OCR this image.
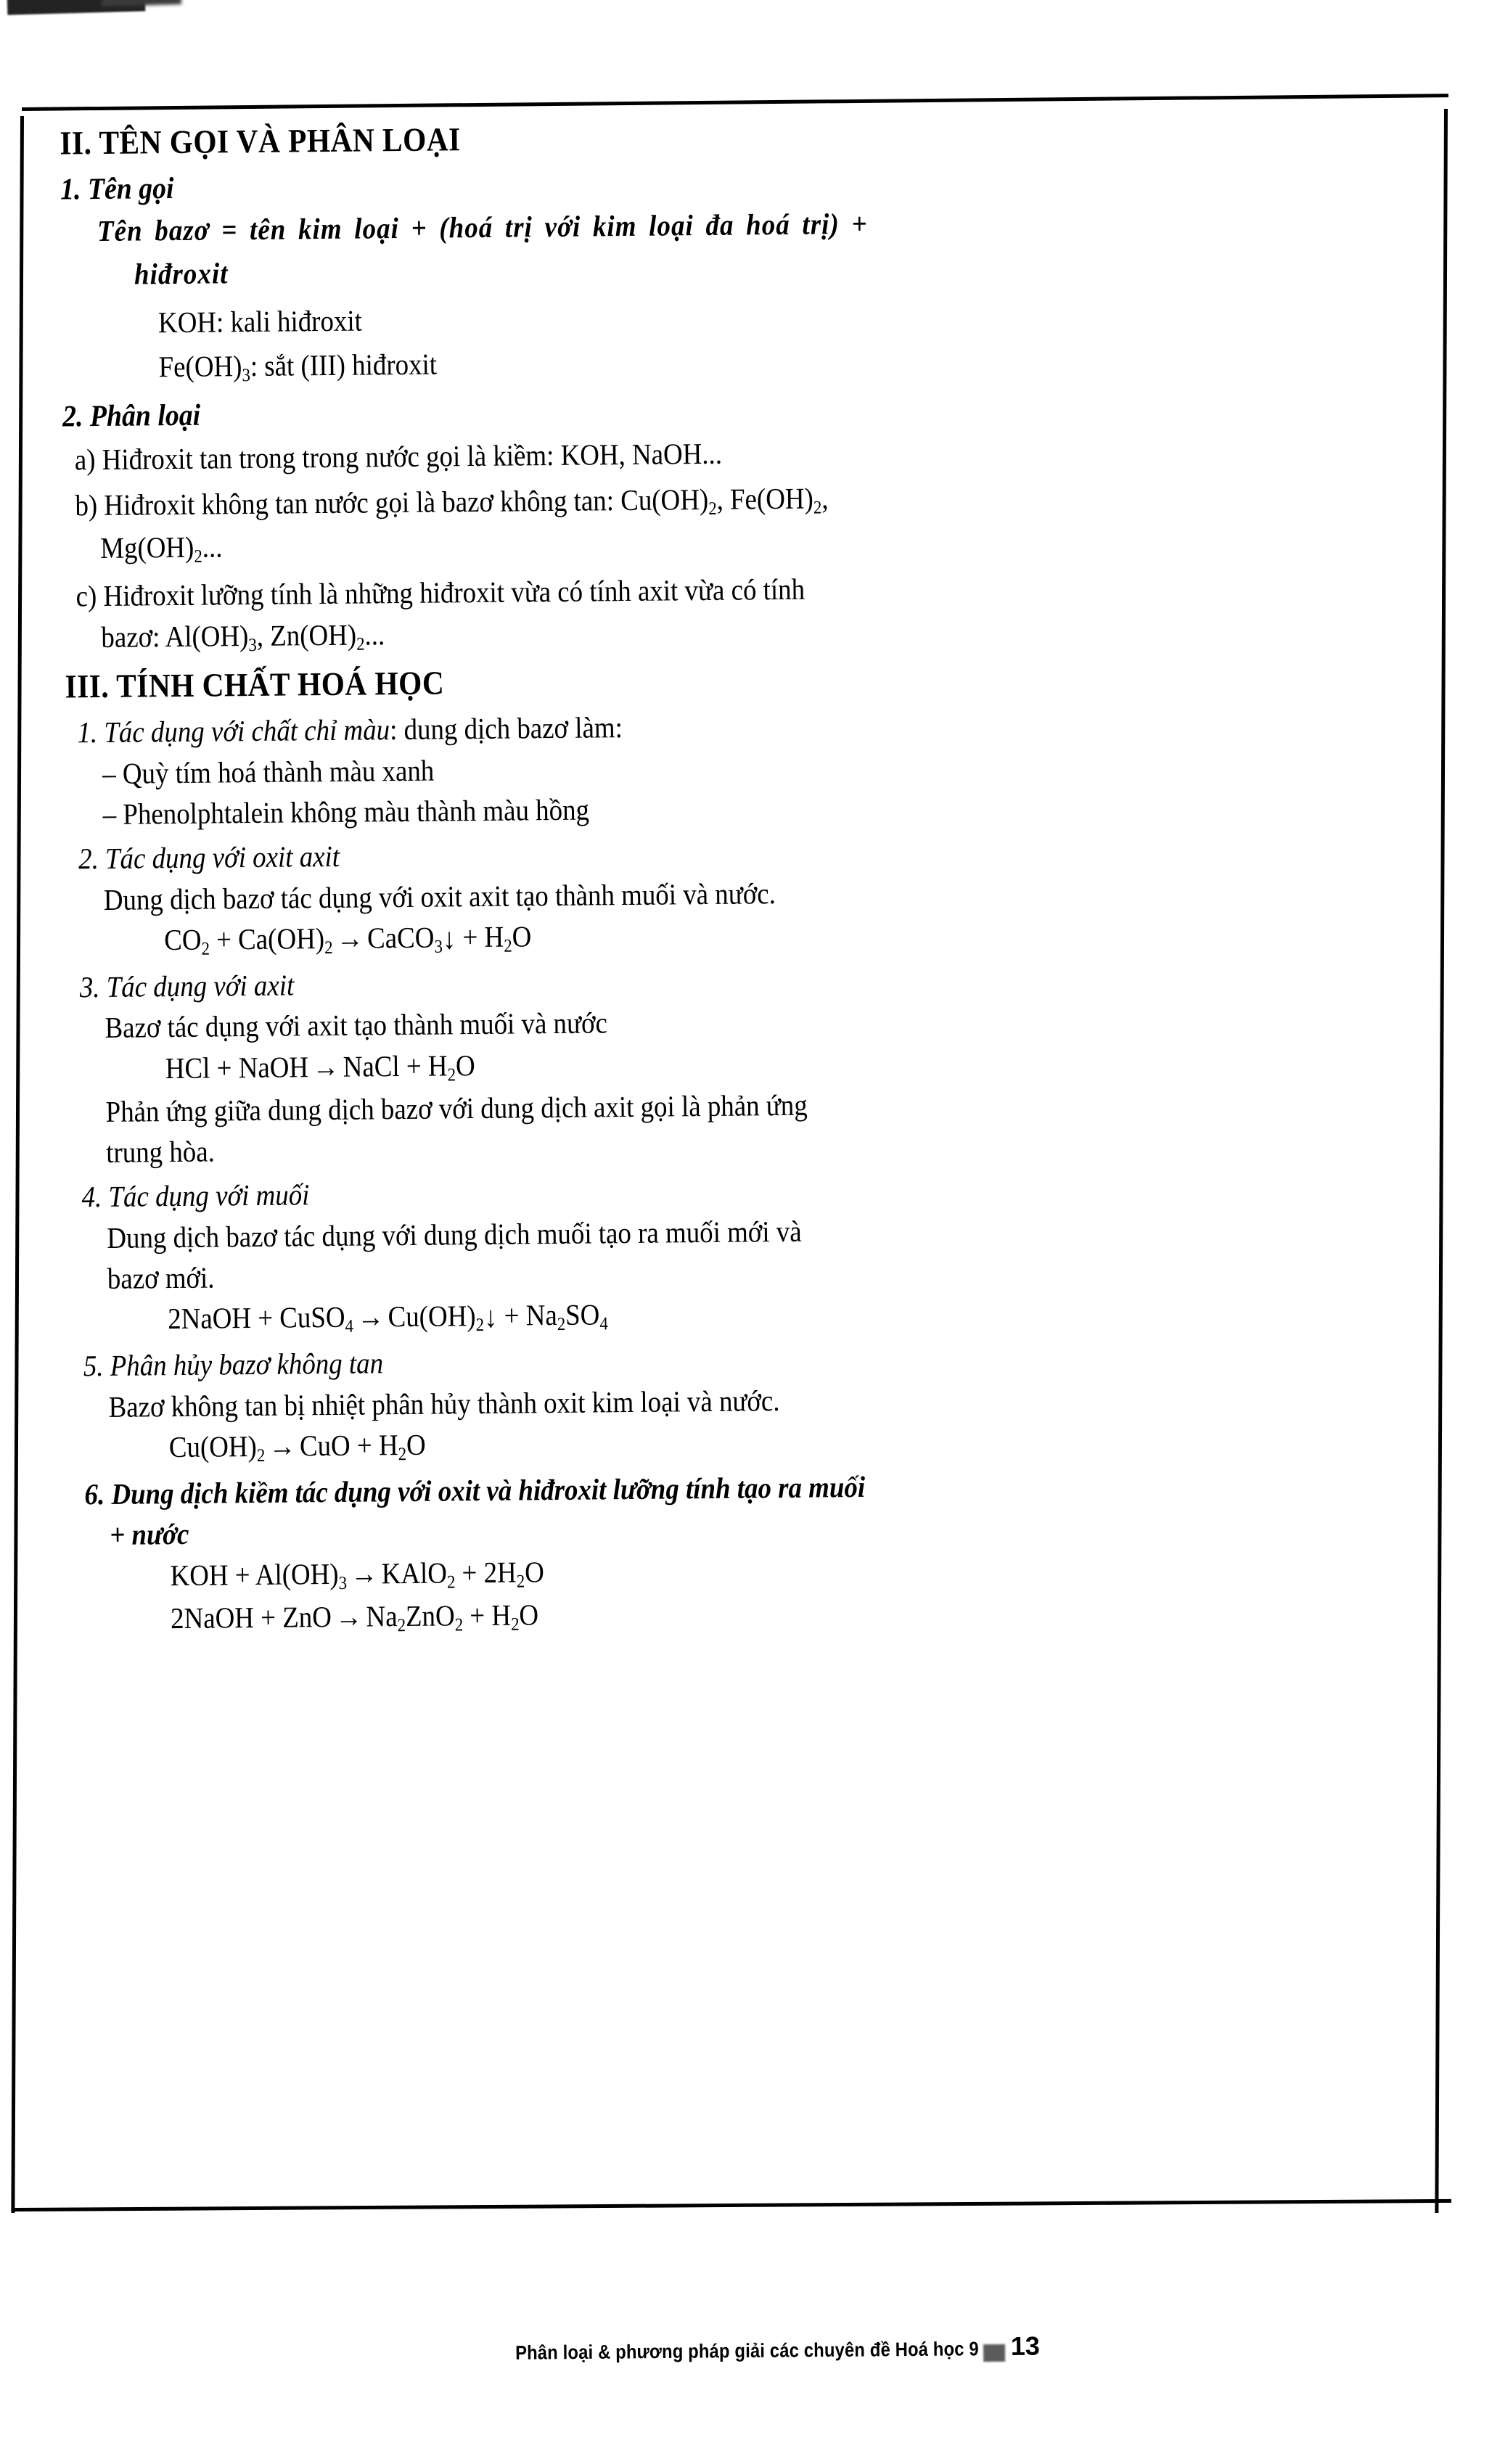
II. TÊN GỌI VÀ PHÂN LOẠI
1. Tên gọi
Tên bazơ = tên kim loại + (hoá trị với kim loại đa hoá trị) +
hiđroxit
KOH: kali hiđroxit
$Fe(OH)_3$: sắt (III) hiđroxit
2. Phân loại
a) Hiđroxit tan trong trong nước gọi là kiềm: KOH, NaOH...
b) Hiđroxit không tan nước gọi là bazơ không tan: $Cu(OH)_2$, $Fe(OH)_2$,
$Mg(OH)_2$...
c) Hiđroxit lưỡng tính là những hiđroxit vừa có tính axit vừa có tính
bazơ: $Al(OH)_3$, $Zn(OH)_2$...
III. TÍNH CHẤT HOÁ HỌC
1. Tác dụng với chất chỉ màu: dung dịch bazơ làm:
– Quỳ tím hoá thành màu xanh
– Phenolphtalein không màu thành màu hồng
2. Tác dụng với oxit axit
Dung dịch bazơ tác dụng với oxit axit tạo thành muối và nước.
$CO_2 + Ca(OH)_2$ → CaCO$_3$↓ + $H_2O$
3. Tác dụng với axit
Bazơ tác dụng với axit tạo thành muối và nước
HCl + NaOH → NaCl + $H_2O$
Phản ứng giữa dung dịch bazơ với dung dịch axit gọi là phản ứng
trung hòa.
4. Tác dụng với muối
Dung dịch bazơ tác dụng với dung dịch muối tạo ra muối mới và
bazơ mới.
2NaOH + CuSO$_4$ → $Cu(OH)_2↓ + Na_2SO_4$
5. Phân hủy bazơ không tan
Bazơ không tan bị nhiệt phân hủy thành oxit kim loại và nước.
$Cu(OH)_2$ → CuO + $H_2O$
6. Dung dịch kiềm tác dụng với oxit và hiđroxit lưỡng tính tạo ra muối
+ nước
KOH + $Al(OH)_3$ → KAlO$_2$ + $2H_2O$
2NaOH + ZnO → $Na_2ZnO_2 + H_2O$
Phân loại & phương pháp giải các chuyên đề Hoá học 9 13
